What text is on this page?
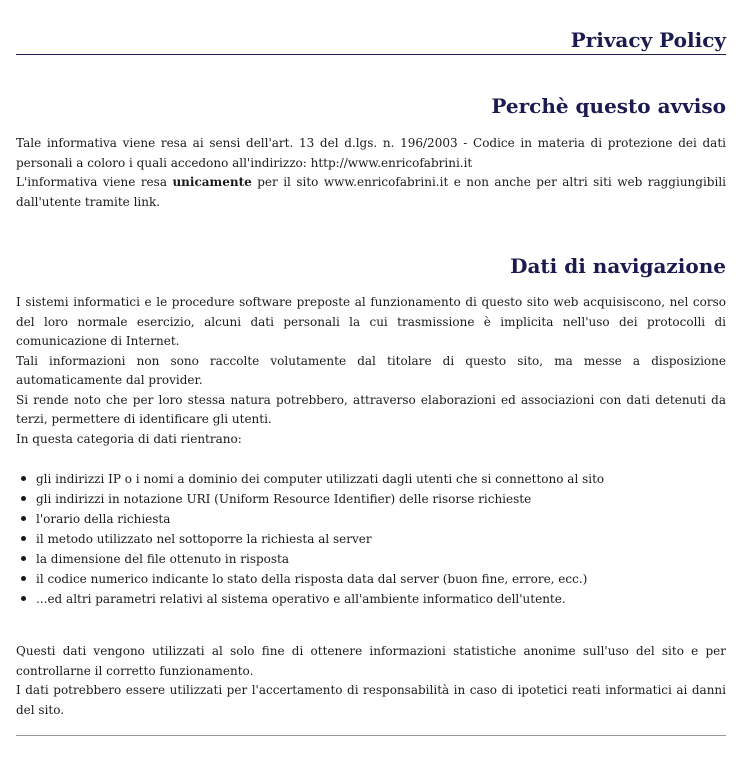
Privacy Policy
Perchè questo avviso
Tale informativa viene resa ai sensi dell'art. 13 del d.lgs. n. 196/2003 - Codice in materia di protezione dei dati personali a coloro i quali accedono all'indirizzo: http://www.enricofabrini.it
L'informativa viene resa unicamente per il sito www.enricofabrini.it e non anche per altri siti web raggiungibili dall'utente tramite link.
Dati di navigazione
I sistemi informatici e le procedure software preposte al funzionamento di questo sito web acquisiscono, nel corso del loro normale esercizio, alcuni dati personali la cui trasmissione è implicita nell'uso dei protocolli di comunicazione di Internet.
Tali informazioni non sono raccolte volutamente dal titolare di questo sito, ma messe a disposizione automaticamente dal provider.
Si rende noto che per loro stessa natura potrebbero, attraverso elaborazioni ed associazioni con dati detenuti da terzi, permettere di identificare gli utenti.
In questa categoria di dati rientrano:
gli indirizzi IP o i nomi a dominio dei computer utilizzati dagli utenti che si connettono al sito
gli indirizzi in notazione URI (Uniform Resource Identifier) delle risorse richieste
l'orario della richiesta
il metodo utilizzato nel sottoporre la richiesta al server
la dimensione del file ottenuto in risposta
il codice numerico indicante lo stato della risposta data dal server (buon fine, errore, ecc.)
...ed altri parametri relativi al sistema operativo e all'ambiente informatico dell'utente.
Questi dati vengono utilizzati al solo fine di ottenere informazioni statistiche anonime sull'uso del sito e per controllarne il corretto funzionamento.
I dati potrebbero essere utilizzati per l'accertamento di responsabilità in caso di ipotetici reati informatici ai danni del sito.
